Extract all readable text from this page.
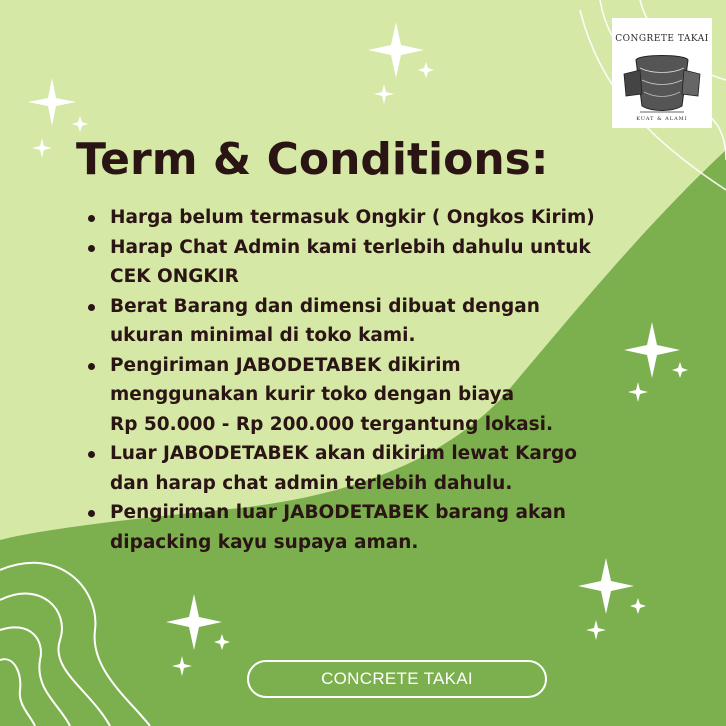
CONGRETE TAKAI
KUAT & ALAMI
Term & Conditions:
Harga belum termasuk Ongkir ( Ongkos Kirim)
Harap Chat Admin kami terlebih dahulu untuk
CEK ONGKIR
Berat Barang dan dimensi dibuat dengan
ukuran minimal di toko kami.
Pengiriman JABODETABEK dikirim
menggunakan kurir toko dengan biaya
Rp 50.000 - Rp 200.000 tergantung lokasi.
Luar JABODETABEK akan dikirim lewat Kargo
dan harap chat admin terlebih dahulu.
Pengiriman luar JABODETABEK barang akan
dipacking kayu supaya aman.
CONCRETE TAKAI
